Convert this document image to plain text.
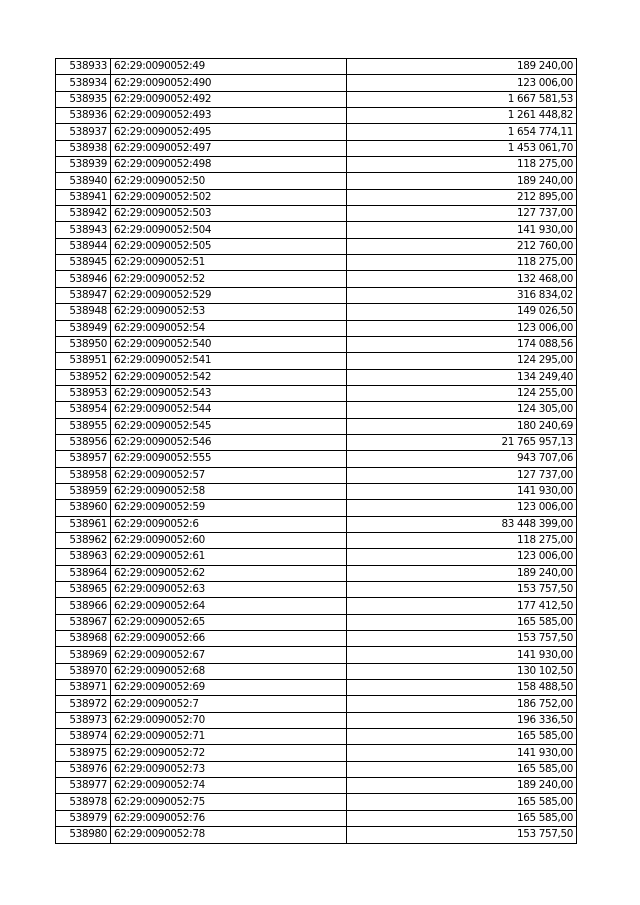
538933	62:29:0090052:49	189 240,00
538934	62:29:0090052:490	123 006,00
538935	62:29:0090052:492	1 667 581,53
538936	62:29:0090052:493	1 261 448,82
538937	62:29:0090052:495	1 654 774,11
538938	62:29:0090052:497	1 453 061,70
538939	62:29:0090052:498	118 275,00
538940	62:29:0090052:50	189 240,00
538941	62:29:0090052:502	212 895,00
538942	62:29:0090052:503	127 737,00
538943	62:29:0090052:504	141 930,00
538944	62:29:0090052:505	212 760,00
538945	62:29:0090052:51	118 275,00
538946	62:29:0090052:52	132 468,00
538947	62:29:0090052:529	316 834,02
538948	62:29:0090052:53	149 026,50
538949	62:29:0090052:54	123 006,00
538950	62:29:0090052:540	174 088,56
538951	62:29:0090052:541	124 295,00
538952	62:29:0090052:542	134 249,40
538953	62:29:0090052:543	124 255,00
538954	62:29:0090052:544	124 305,00
538955	62:29:0090052:545	180 240,69
538956	62:29:0090052:546	21 765 957,13
538957	62:29:0090052:555	943 707,06
538958	62:29:0090052:57	127 737,00
538959	62:29:0090052:58	141 930,00
538960	62:29:0090052:59	123 006,00
538961	62:29:0090052:6	83 448 399,00
538962	62:29:0090052:60	118 275,00
538963	62:29:0090052:61	123 006,00
538964	62:29:0090052:62	189 240,00
538965	62:29:0090052:63	153 757,50
538966	62:29:0090052:64	177 412,50
538967	62:29:0090052:65	165 585,00
538968	62:29:0090052:66	153 757,50
538969	62:29:0090052:67	141 930,00
538970	62:29:0090052:68	130 102,50
538971	62:29:0090052:69	158 488,50
538972	62:29:0090052:7	186 752,00
538973	62:29:0090052:70	196 336,50
538974	62:29:0090052:71	165 585,00
538975	62:29:0090052:72	141 930,00
538976	62:29:0090052:73	165 585,00
538977	62:29:0090052:74	189 240,00
538978	62:29:0090052:75	165 585,00
538979	62:29:0090052:76	165 585,00
538980	62:29:0090052:78	153 757,50
